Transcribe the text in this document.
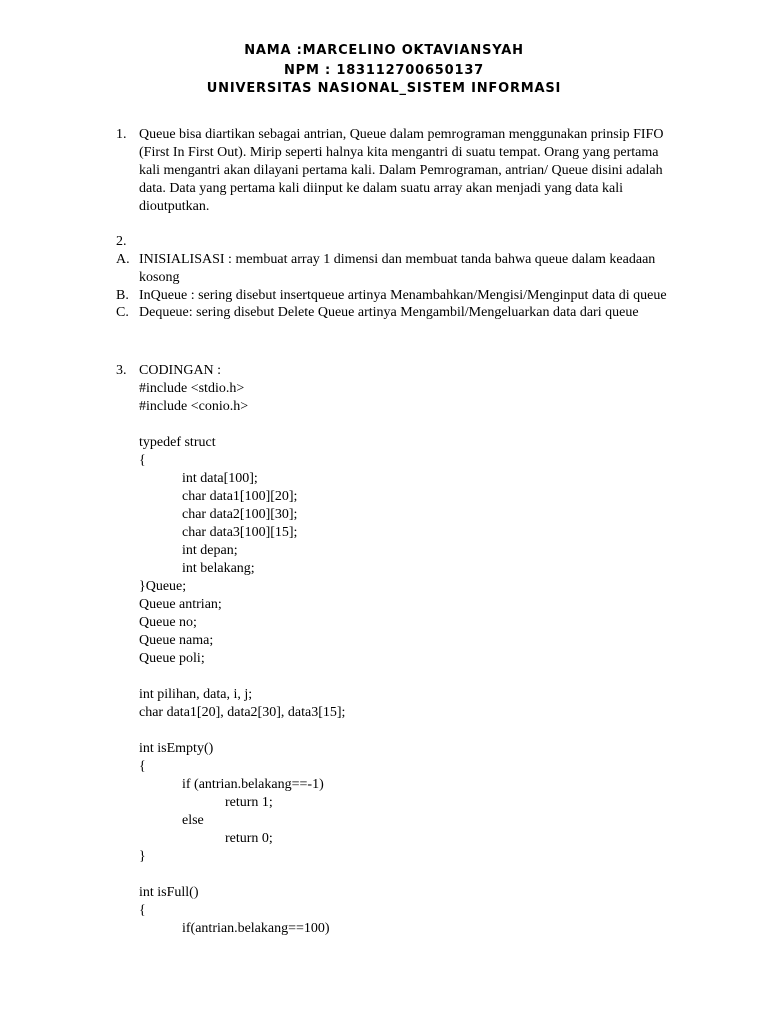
NAMA :MARCELINO OKTAVIANSYAH
NPM : 183112700650137
UNIVERSITAS NASIONAL_SISTEM INFORMASI
1. Queue bisa diartikan sebagai antrian, Queue dalam pemrograman menggunakan prinsip FIFO
(First In First Out). Mirip seperti halnya kita mengantri di suatu tempat. Orang yang pertama
kali mengantri akan dilayani pertama kali. Dalam Pemrograman, antrian/ Queue disini adalah
data. Data yang pertama kali diinput ke dalam suatu array akan menjadi yang data kali
dioutputkan.
2.
A. INISIALISASI : membuat array 1 dimensi dan membuat tanda bahwa queue dalam keadaan
kosong
B. InQueue : sering disebut insertqueue artinya Menambahkan/Mengisi/Menginput data di queue
C. Dequeue: sering disebut Delete Queue artinya Mengambil/Mengeluarkan data dari queue
3. CODINGAN :
#include <stdio.h>
#include <conio.h>
typedef struct
{
int data[100];
char data1[100][20];
char data2[100][30];
char data3[100][15];
int depan;
int belakang;
}Queue;
Queue antrian;
Queue no;
Queue nama;
Queue poli;
int pilihan, data, i, j;
char data1[20], data2[30], data3[15];
int isEmpty()
{
if (antrian.belakang==-1)
return 1;
else
return 0;
}
int isFull()
{
if(antrian.belakang==100)
